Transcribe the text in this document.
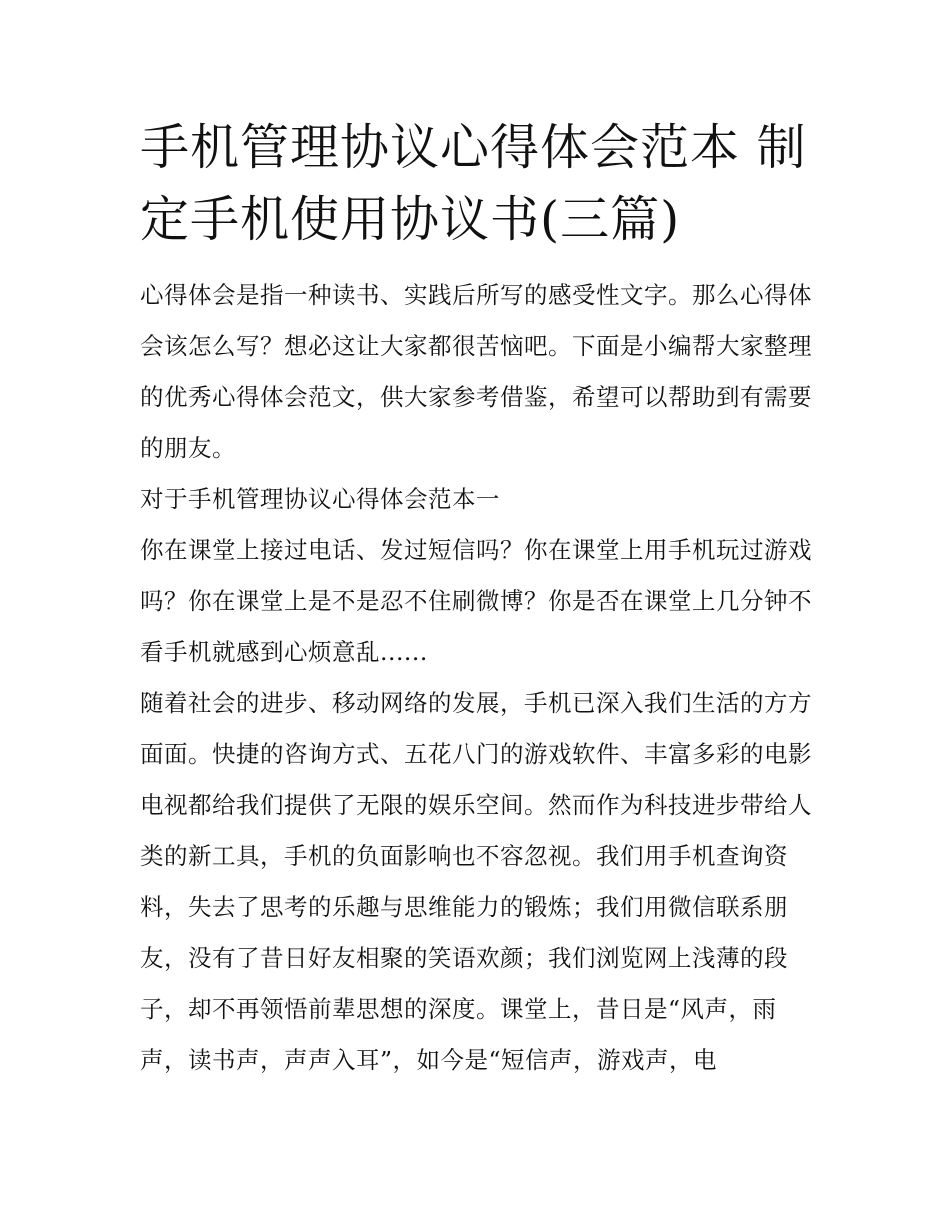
手机管理协议心得体会范本 制定手机使用协议书(三篇)

心得体会是指一种读书、实践后所写的感受性文字。那么心得体会该怎么写？想必这让大家都很苦恼吧。下面是小编帮大家整理的优秀心得体会范文，供大家参考借鉴，希望可以帮助到有需要的朋友。

对于手机管理协议心得体会范本一

你在课堂上接过电话、发过短信吗？你在课堂上用手机玩过游戏吗？你在课堂上是不是忍不住刷微博？你是否在课堂上几分钟不看手机就感到心烦意乱......

随着社会的进步、移动网络的发展，手机已深入我们生活的方方面面。快捷的咨询方式、五花八门的游戏软件、丰富多彩的电影电视都给我们提供了无限的娱乐空间。然而作为科技进步带给人类的新工具，手机的负面影响也不容忽视。我们用手机查询资料，失去了思考的乐趣与思维能力的锻炼；我们用微信联系朋友，没有了昔日好友相聚的笑语欢颜；我们浏览网上浅薄的段子，却不再领悟前辈思想的深度。课堂上，昔日是“风声，雨声，读书声，声声入耳”，如今是“短信声，游戏声，电
